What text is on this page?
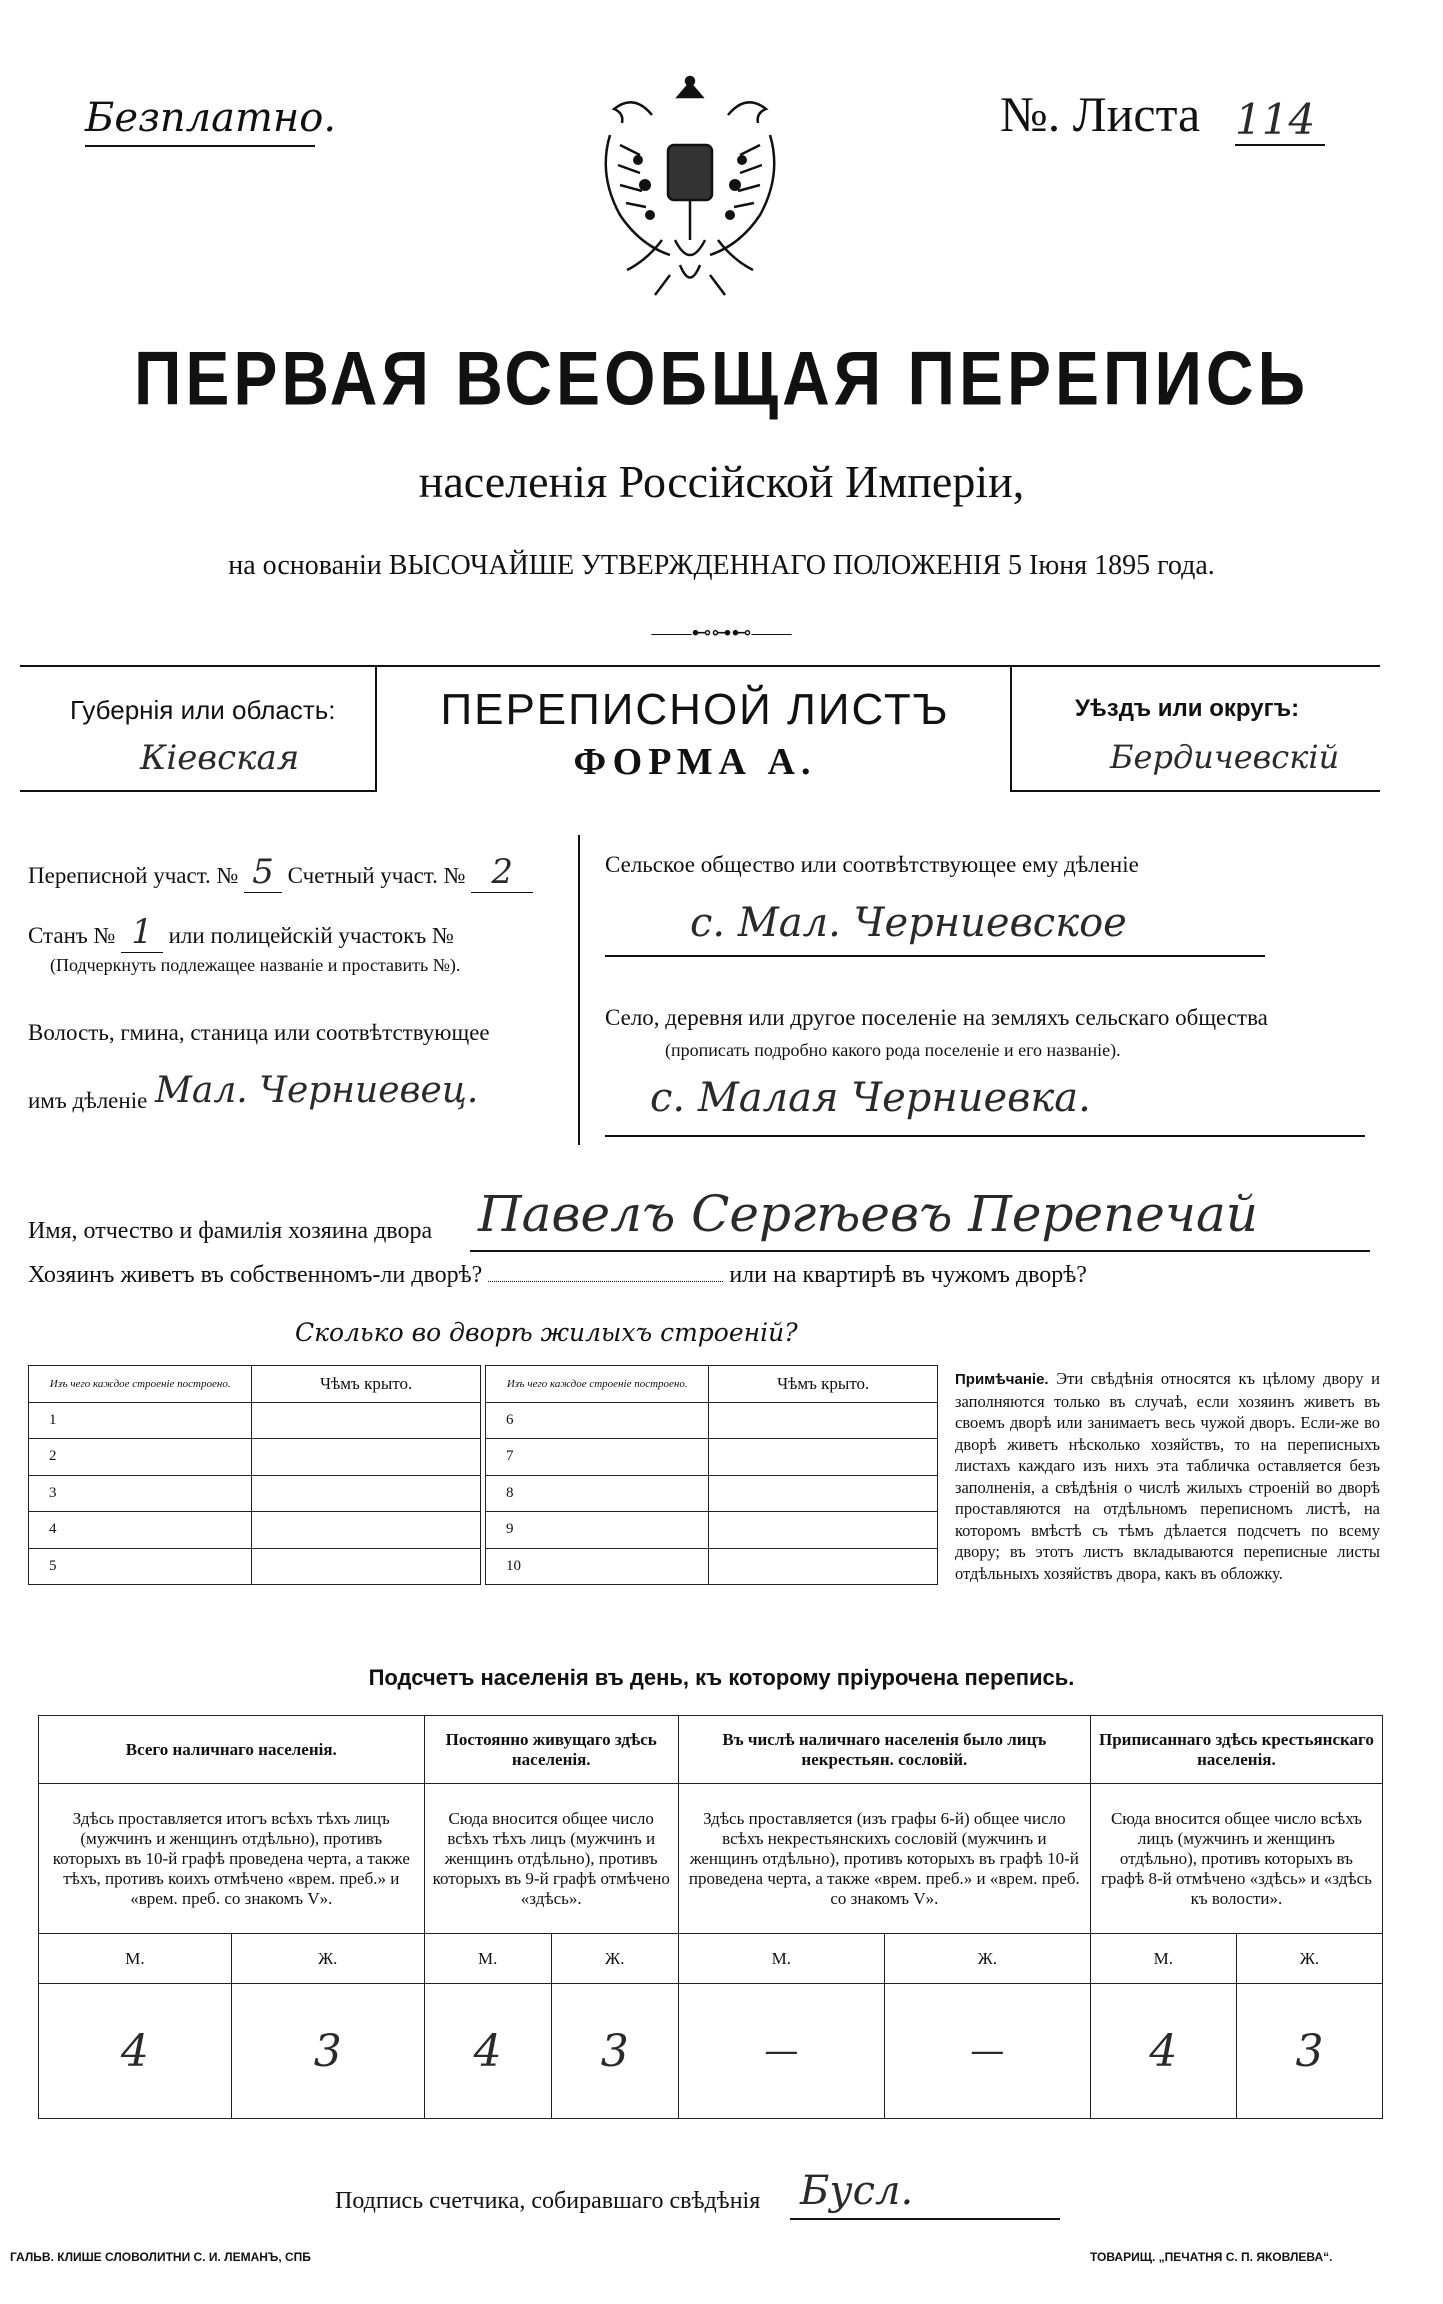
Безплатно.	№. Листа 114
ПЕРВАЯ ВСЕОБЩАЯ ПЕРЕПИСЬ
населенія Россійской Имперіи,
на основаніи ВЫСОЧАЙШЕ УТВЕРЖДЕННАГО ПОЛОЖЕНІЯ 5 Іюня 1895 года.
——⊷⊶⊷——
Губернія или область:
Кіевская
ПЕРЕПИСНОЙ ЛИСТЪ
ФОРМА А.
Уѣздъ или округъ:
Бердичевскій
Переписной участ. № 5 Счетный участ. № 2
Станъ № 1 или полицейскій участокъ №
(Подчеркнуть подлежащее названіе и проставить №).
Волость, гмина, станица или соотвѣтствующее
имъ дѣленіе Мал. Черниевец.
Сельское общество или соотвѣтствующее ему дѣленіе
с. Мал. Черниевское
Село, деревня или другое поселеніе на земляхъ сельскаго общества
(прописать подробно какого рода поселеніе и его названіе).
с. Малая Черниевка.
Имя, отчество и фамилія хозяина двора Павелъ Сергѣевъ Перепечай
Хозяинъ живетъ въ собственномъ-ли дворѣ?	или на квартирѣ въ чужомъ дворѣ?
Сколько во дворѣ жилыхъ строеній?
Изъ чего каждое строеніе построено.	Чѣмъ крыто.		Изъ чего каждое строеніе построено.	Чѣмъ крыто.
1			6	
2			7	
3			8	
4			9	
5			10	
Примѣчаніе. Эти свѣдѣнія относятся къ цѣлому двору и заполняются только въ случаѣ, если хозяинъ живетъ въ своемъ дворѣ или занимаетъ весь чужой дворъ. Если-же во дворѣ живетъ нѣсколько хозяйствъ, то на переписныхъ листахъ каждаго изъ нихъ эта табличка оставляется безъ заполненія, а свѣдѣнія о числѣ жилыхъ строеній во дворѣ проставляются на отдѣльномъ переписномъ листѣ, на которомъ вмѣстѣ съ тѣмъ дѣлается подсчетъ по всему двору; въ этотъ листъ вкладываются переписные листы отдѣльныхъ хозяйствъ двора, какъ въ обложку.
Подсчетъ населенія въ день, къ которому пріурочена перепись.
Всего наличнаго населенія.		Постоянно живущаго здѣсь населенія.		Въ числѣ наличнаго населенія было лицъ некрестьян. сословій.		Приписаннаго здѣсь крестьянскаго населенія.	
Здѣсь проставляется итогъ всѣхъ тѣхъ лицъ (мужчинъ и женщинъ отдѣльно), противъ которыхъ въ 10-й графѣ проведена черта, а также тѣхъ, противъ коихъ отмѣчено «врем. преб.» и «врем. преб. со знакомъ V».		Сюда вносится общее число всѣхъ тѣхъ лицъ (мужчинъ и женщинъ отдѣльно), противъ которыхъ въ 9-й графѣ отмѣчено «здѣсь».		Здѣсь проставляется (изъ графы 6-й) общее число всѣхъ некрестьянскихъ сословій (мужчинъ и женщинъ отдѣльно), противъ которыхъ въ графѣ 10-й проведена черта, а также «врем. преб.» и «врем. преб. со знакомъ V».		Сюда вносится общее число всѣхъ лицъ (мужчинъ и женщинъ отдѣльно), противъ которыхъ въ графѣ 8-й отмѣчено «здѣсь» и «здѣсь къ волости».	
М.	Ж.	М.	Ж.	М.	Ж.	М.	Ж.
4	3	4	3	—	—	4	3
Подпись счетчика, собиравшаго свѣдѣнія Бусл.
ГАЛЬВ. КЛИШЕ СЛОВОЛИТНИ С. И. ЛЕМАНЪ, СПБ	ТОВАРИЩ. „ПЕЧАТНЯ С. П. ЯКОВЛЕВА“.
